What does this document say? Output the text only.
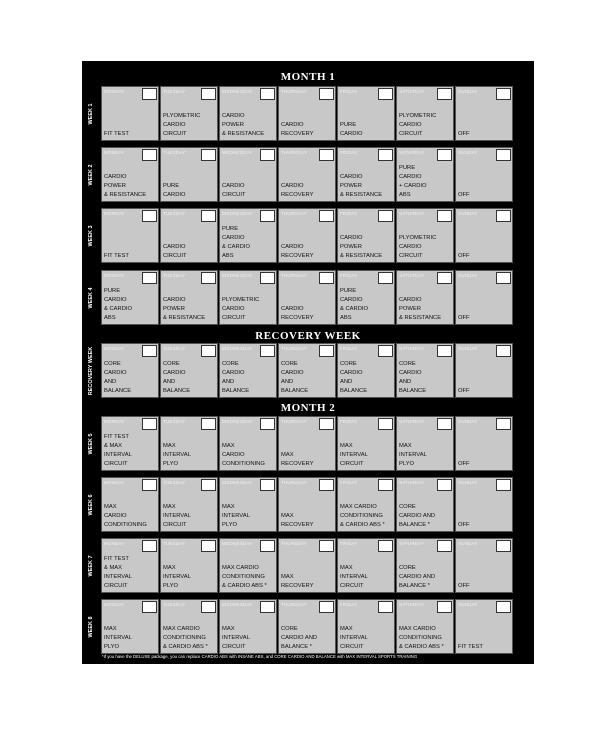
MONTH 1
RECOVERY WEEK
MONTH 2
WEEK 1
MONDAY
FIT TEST
TUESDAY
PLYOMETRIC
CARDIO
CIRCUIT
WEDNESDAY
CARDIO
POWER
& RESISTANCE
THURSDAY
CARDIO
RECOVERY
FRIDAY
PURE
CARDIO
SATURDAY
PLYOMETRIC
CARDIO
CIRCUIT
SUNDAY
OFF
WEEK 2
MONDAY
CARDIO
POWER
& RESISTANCE
TUESDAY
PURE
CARDIO
WEDNESDAY
CARDIO
CIRCUIT
THURSDAY
CARDIO
RECOVERY
FRIDAY
CARDIO
POWER
& RESISTANCE
SATURDAY
PURE
CARDIO
+ CARDIO
ABS
SUNDAY
OFF
WEEK 3
MONDAY
FIT TEST
TUESDAY
CARDIO
CIRCUIT
WEDNESDAY
PURE
CARDIO
& CARDIO
ABS
THURSDAY
CARDIO
RECOVERY
FRIDAY
CARDIO
POWER
& RESISTANCE
SATURDAY
PLYOMETRIC
CARDIO
CIRCUIT
SUNDAY
OFF
WEEK 4
MONDAY
PURE
CARDIO
& CARDIO
ABS
TUESDAY
CARDIO
POWER
& RESISTANCE
WEDNESDAY
PLYOMETRIC
CARDIO
CIRCUIT
THURSDAY
CARDIO
RECOVERY
FRIDAY
PURE
CARDIO
& CARDIO
ABS
SATURDAY
CARDIO
POWER
& RESISTANCE
SUNDAY
OFF
RECOVERY WEEK MONDAY
CORE
CARDIO
AND
BALANCE
TUESDAY
CORE
CARDIO
AND
BALANCE
WEDNESDAY
CORE
CARDIO
AND
BALANCE
THURSDAY
CORE
CARDIO
AND
BALANCE
FRIDAY
CORE
CARDIO
AND
BALANCE
SATURDAY
CORE
CARDIO
AND
BALANCE
SUNDAY
OFF
WEEK 5
MONDAY
FIT TEST
& MAX
INTERVAL
CIRCUIT
TUESDAY
MAX
INTERVAL
PLYO
WEDNESDAY
MAX
CARDIO
CONDITIONING
THURSDAY
MAX
RECOVERY
FRIDAY
MAX
INTERVAL
CIRCUIT
SATURDAY
MAX
INTERVAL
PLYO
SUNDAY
OFF
WEEK 6
MONDAY
MAX
CARDIO
CONDITIONING
TUESDAY
MAX
INTERVAL
CIRCUIT
WEDNESDAY
MAX
INTERVAL
PLYO
THURSDAY
MAX
RECOVERY
FRIDAY
MAX CARDIO
CONDITIONING
& CARDIO ABS *
SATURDAY
CORE
CARDIO AND
BALANCE *
SUNDAY
OFF
WEEK 7
MONDAY
FIT TEST
& MAX
INTERVAL
CIRCUIT
TUESDAY
MAX
INTERVAL
PLYO
WEDNESDAY
MAX CARDIO
CONDITIONING
& CARDIO ABS *
THURSDAY
MAX
RECOVERY
FRIDAY
MAX
INTERVAL
CIRCUIT
SATURDAY
CORE
CARDIO AND
BALANCE *
SUNDAY
OFF
WEEK 8
MONDAY
MAX
INTERVAL
PLYO
TUESDAY
MAX CARDIO
CONDITIONING
& CARDIO ABS *
WEDNESDAY
MAX
INTERVAL
CIRCUIT
THURSDAY
CORE
CARDIO AND
BALANCE *
FRIDAY
MAX
INTERVAL
CIRCUIT
SATURDAY
MAX CARDIO
CONDITIONING
& CARDIO ABS *
SUNDAY
FIT TEST
*If you have the DELUXE package, you can replace CARDIO ABS with INSANE ABS, and CORE CARDIO AND BALANCE with MAX INTERVAL SPORTS TRAINING
